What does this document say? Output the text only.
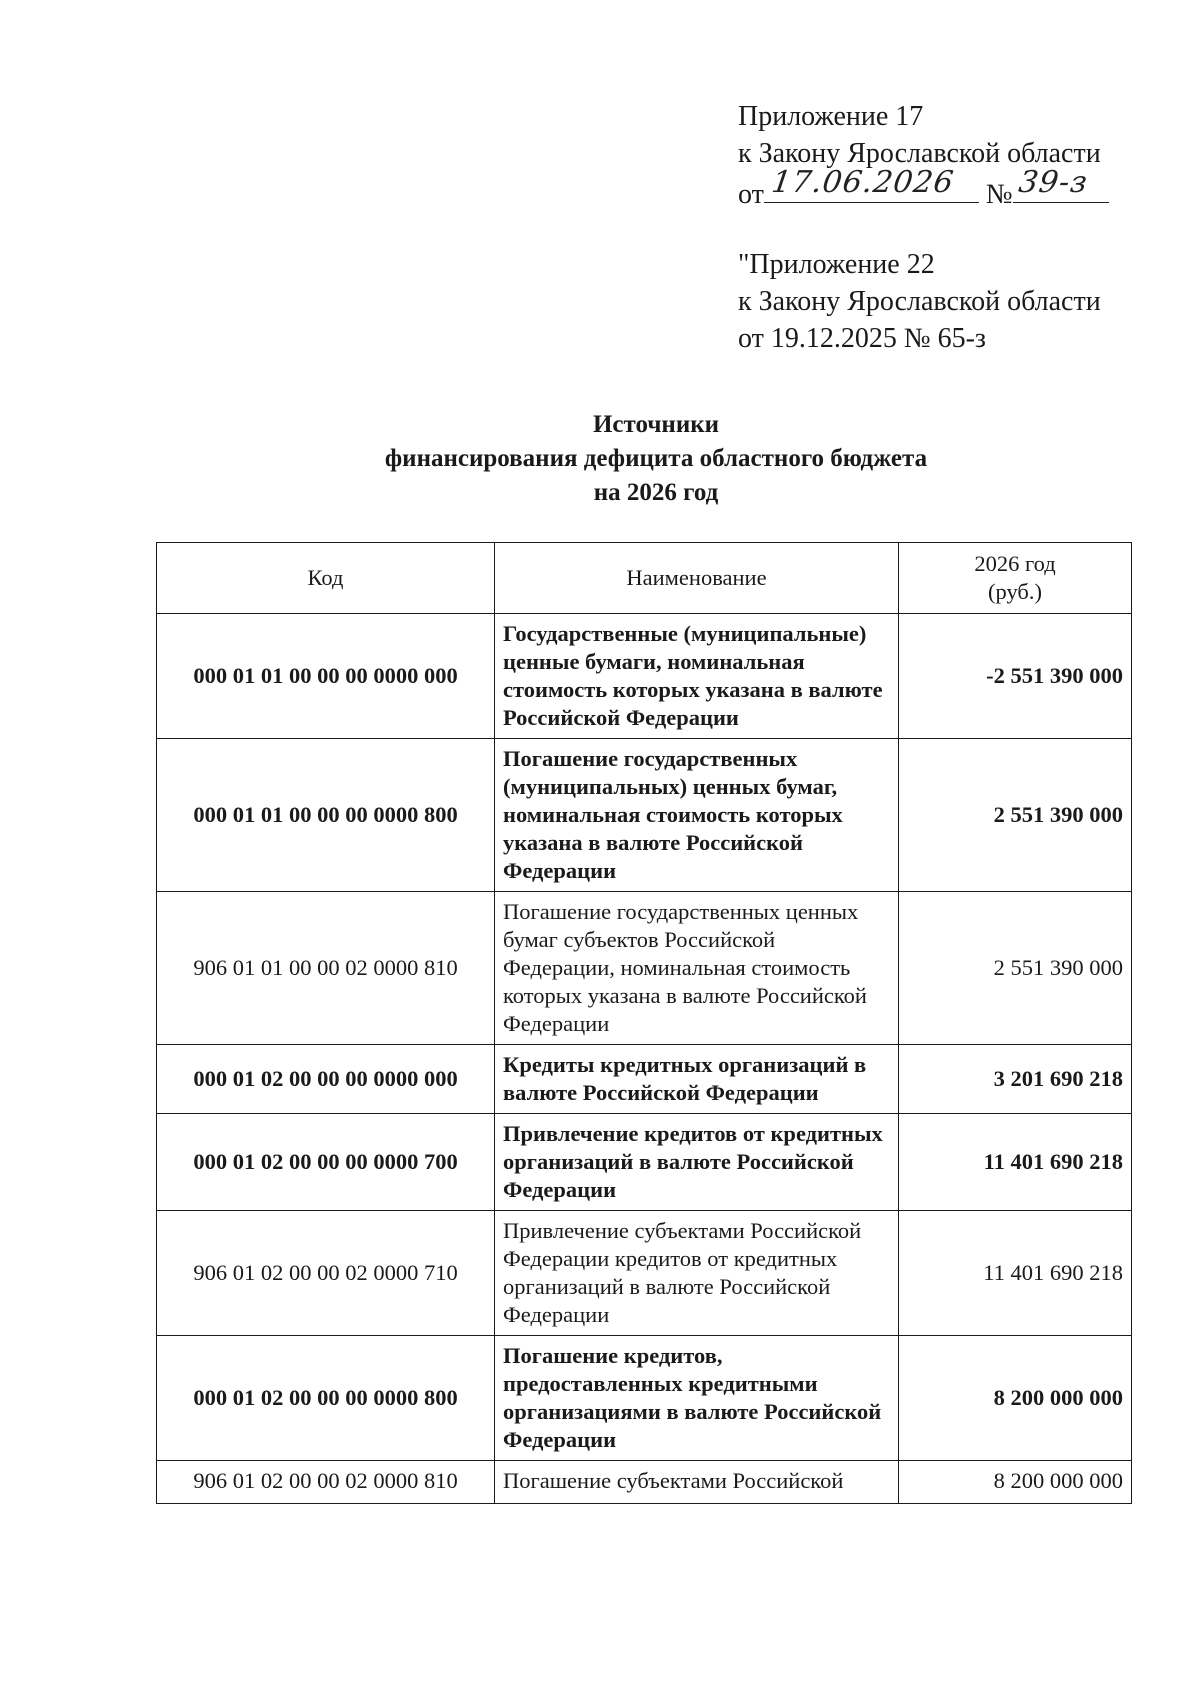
Приложение 17

к Закону Ярославской области

от 17.06.2026 № 39-з

"Приложение 22

к Закону Ярославской области

от 19.12.2025 № 65-з

Источники
финансирования дефицита областного бюджета
на 2026 год
Код	Наименование	2026 год
(руб.)

000 01 01 00 00 00 0000 000	Государственные (муниципальные) ценные бумаги, номинальная стоимость которых указана в валюте Российской Федерации	-2 551 390 000
000 01 01 00 00 00 0000 800	Погашение государственных (муниципальных) ценных бумаг, номинальная стоимость которых указана в валюте Российской Федерации	2 551 390 000
906 01 01 00 00 02 0000 810	Погашение государственных ценных бумаг субъектов Российской Федерации, номинальная стоимость которых указана в валюте Российской Федерации	2 551 390 000
000 01 02 00 00 00 0000 000	Кредиты кредитных организаций в валюте Российской Федерации	3 201 690 218
000 01 02 00 00 00 0000 700	Привлечение кредитов от кредитных организаций в валюте Российской Федерации	11 401 690 218
906 01 02 00 00 02 0000 710	Привлечение субъектами Российской Федерации кредитов от кредитных организаций в валюте Российской Федерации	11 401 690 218
000 01 02 00 00 00 0000 800	Погашение кредитов, предоставленных кредитными организациями в валюте Российской Федерации	8 200 000 000
906 01 02 00 00 02 0000 810	Погашение субъектами Российской	8 200 000 000
